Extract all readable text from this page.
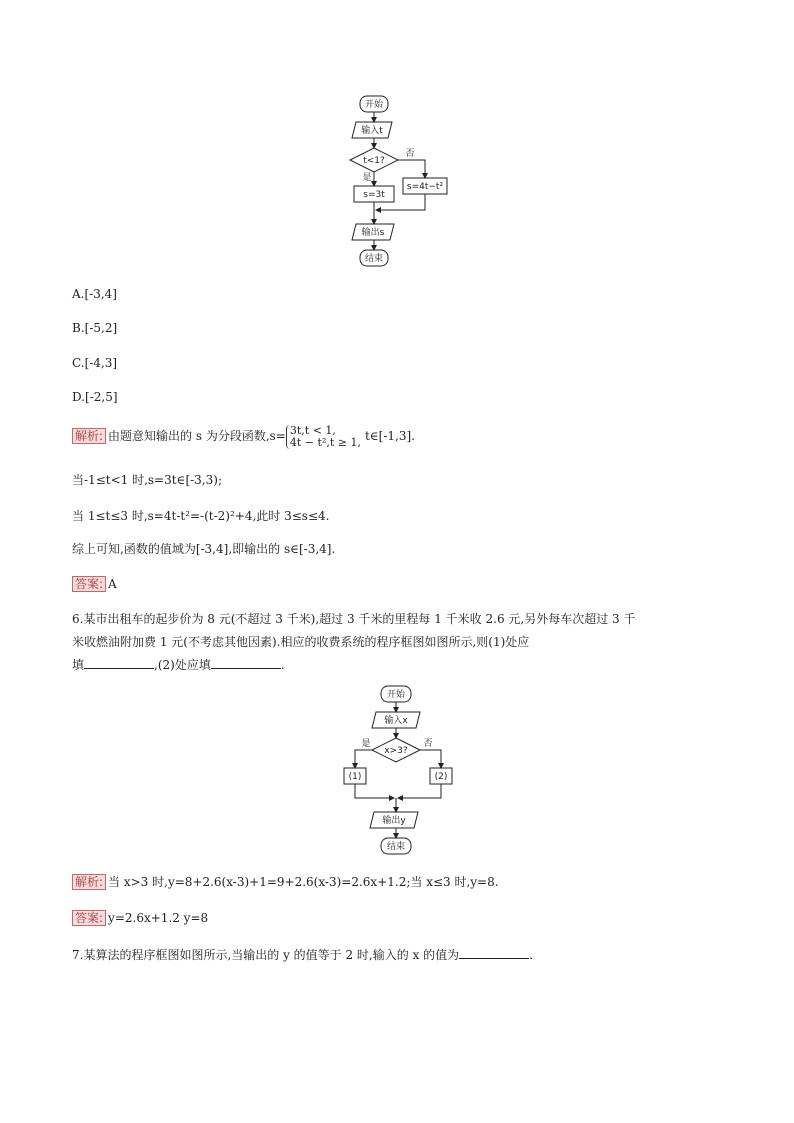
开始
输入t
t<1?
否
是
s=3t
s=4t−t²
输出s
结束
A.[-3,4]
B.[-5,2]
C.[-4,3]
D.[-2,5]
解析: 由题意知输出的 s 为分段函数,s= 3t,t < 1,
4t − t²,t ≥ 1, t∈[-1,3].
当-1≤t<1 时,s=3t∈[-3,3);
当 1≤t≤3 时,s=4t-t²=-(t-2)²+4,此时 3≤s≤4.
综上可知,函数的值域为[-3,4],即输出的 s∈[-3,4].
答案: A
6.某市出租车的起步价为 8 元(不超过 3 千米),超过 3 千米的里程每 1 千米收 2.6 元,另外每车次超过 3 千
米收燃油附加费 1 元(不考虑其他因素).相应的收费系统的程序框图如图所示,则(1)处应
填	,(2)处应填	.
开始
输入x
x>3?
是	否
(1)	(2)
输出y
结束
解析: 当 x>3 时,y=8+2.6(x-3)+1=9+2.6(x-3)=2.6x+1.2;当 x≤3 时,y=8.
答案: y=2.6x+1.2 y=8
7.某算法的程序框图如图所示,当输出的 y 的值等于 2 时,输入的 x 的值为	.
